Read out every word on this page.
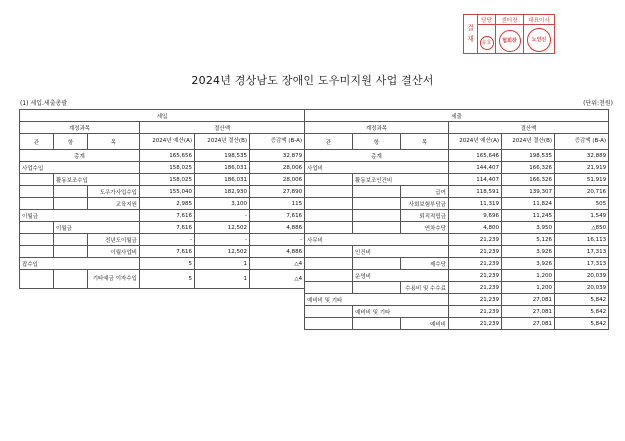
결재	담당	센터장	대표이사
	유호	협회장	노인신
2024년 경상남도 장애인 도우미지원 사업 결산서
(1) 세입.세출총괄	(단위:천원)
세입					
계정과목			결산액		
관	항	목	2024년 예산(A)	2024년 결산(B)	증감액 (B-A)
총계			165,656	198,535	32,879
사업수입			158,025	186,031	28,006
	활동보조수입		158,025	186,031	28,006
		도우가사업수입	155,040	182,930	27,890
		교육지원	2,985	3,100	115
이월금			7,616	-	7,616
	이월금		7,616	12,502	4,886
		전년도이월금	-	-	-
		이월사업비	7,616	12,502	4,886
잡수입			5	1	△4
		기타예금 이자수입	5	1	△4
세출					
계정과목			결산액		
관	항	목	2024년 예산(A)	2024년 결산(B)	증감액 (B-A)
총계			165,646	198,535	32,889
사업비			144,407	166,326	21,919
	활동보조인건비		114,407	166,326	51,919
		급여	118,591	139,307	20,716
		사회보험부담금	11,319	11,824	505
		퇴직적립금	9,696	11,245	1,549
		연차수당	4,800	3,950	△850
사무비			21,239	5,126	16,113
	인건비		21,239	3,926	17,313
		제수당	21,239	3,926	17,313
	운영비		21,239	1,200	20,039
		수용비 및 수수료	21,239	1,200	20,039
예비비 및 기타			21,239	27,081	5,842
	예비비 및 기타		21,239	27,081	5,842
		예비비	21,239	27,081	5,842
